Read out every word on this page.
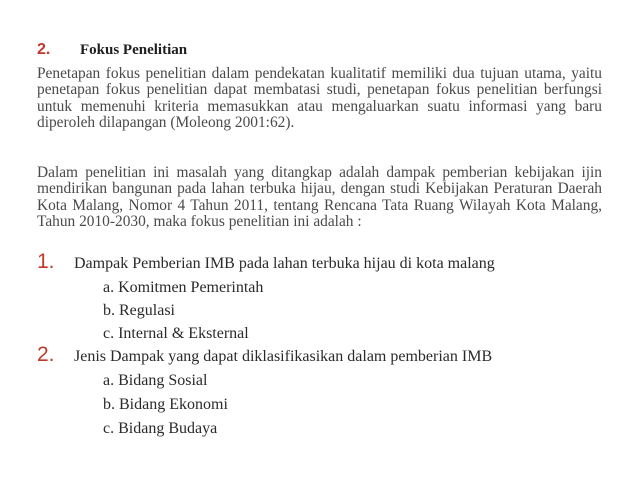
2.	Fokus Penelitian

Penetapan fokus penelitian dalam pendekatan kualitatif memiliki dua tujuan utama, yaitu penetapan fokus penelitian dapat membatasi studi, penetapan fokus penelitian berfungsi untuk memenuhi kriteria memasukkan atau mengaluarkan suatu informasi yang baru diperoleh dilapangan (Moleong 2001:62).

Dalam penelitian ini masalah yang ditangkap adalah dampak pemberian kebijakan ijin mendirikan bangunan pada lahan terbuka hijau, dengan studi Kebijakan Peraturan Daerah Kota Malang, Nomor 4 Tahun 2011, tentang Rencana Tata Ruang Wilayah Kota Malang, Tahun 2010-2030, maka fokus penelitian ini adalah :

1.	Dampak Pemberian IMB pada lahan terbuka hijau di kota malang
a. Komitmen Pemerintah
b. Regulasi
c. Internal & Eksternal
2.	Jenis Dampak yang dapat diklasifikasikan dalam pemberian IMB
a. Bidang Sosial
b. Bidang Ekonomi
c. Bidang Budaya
